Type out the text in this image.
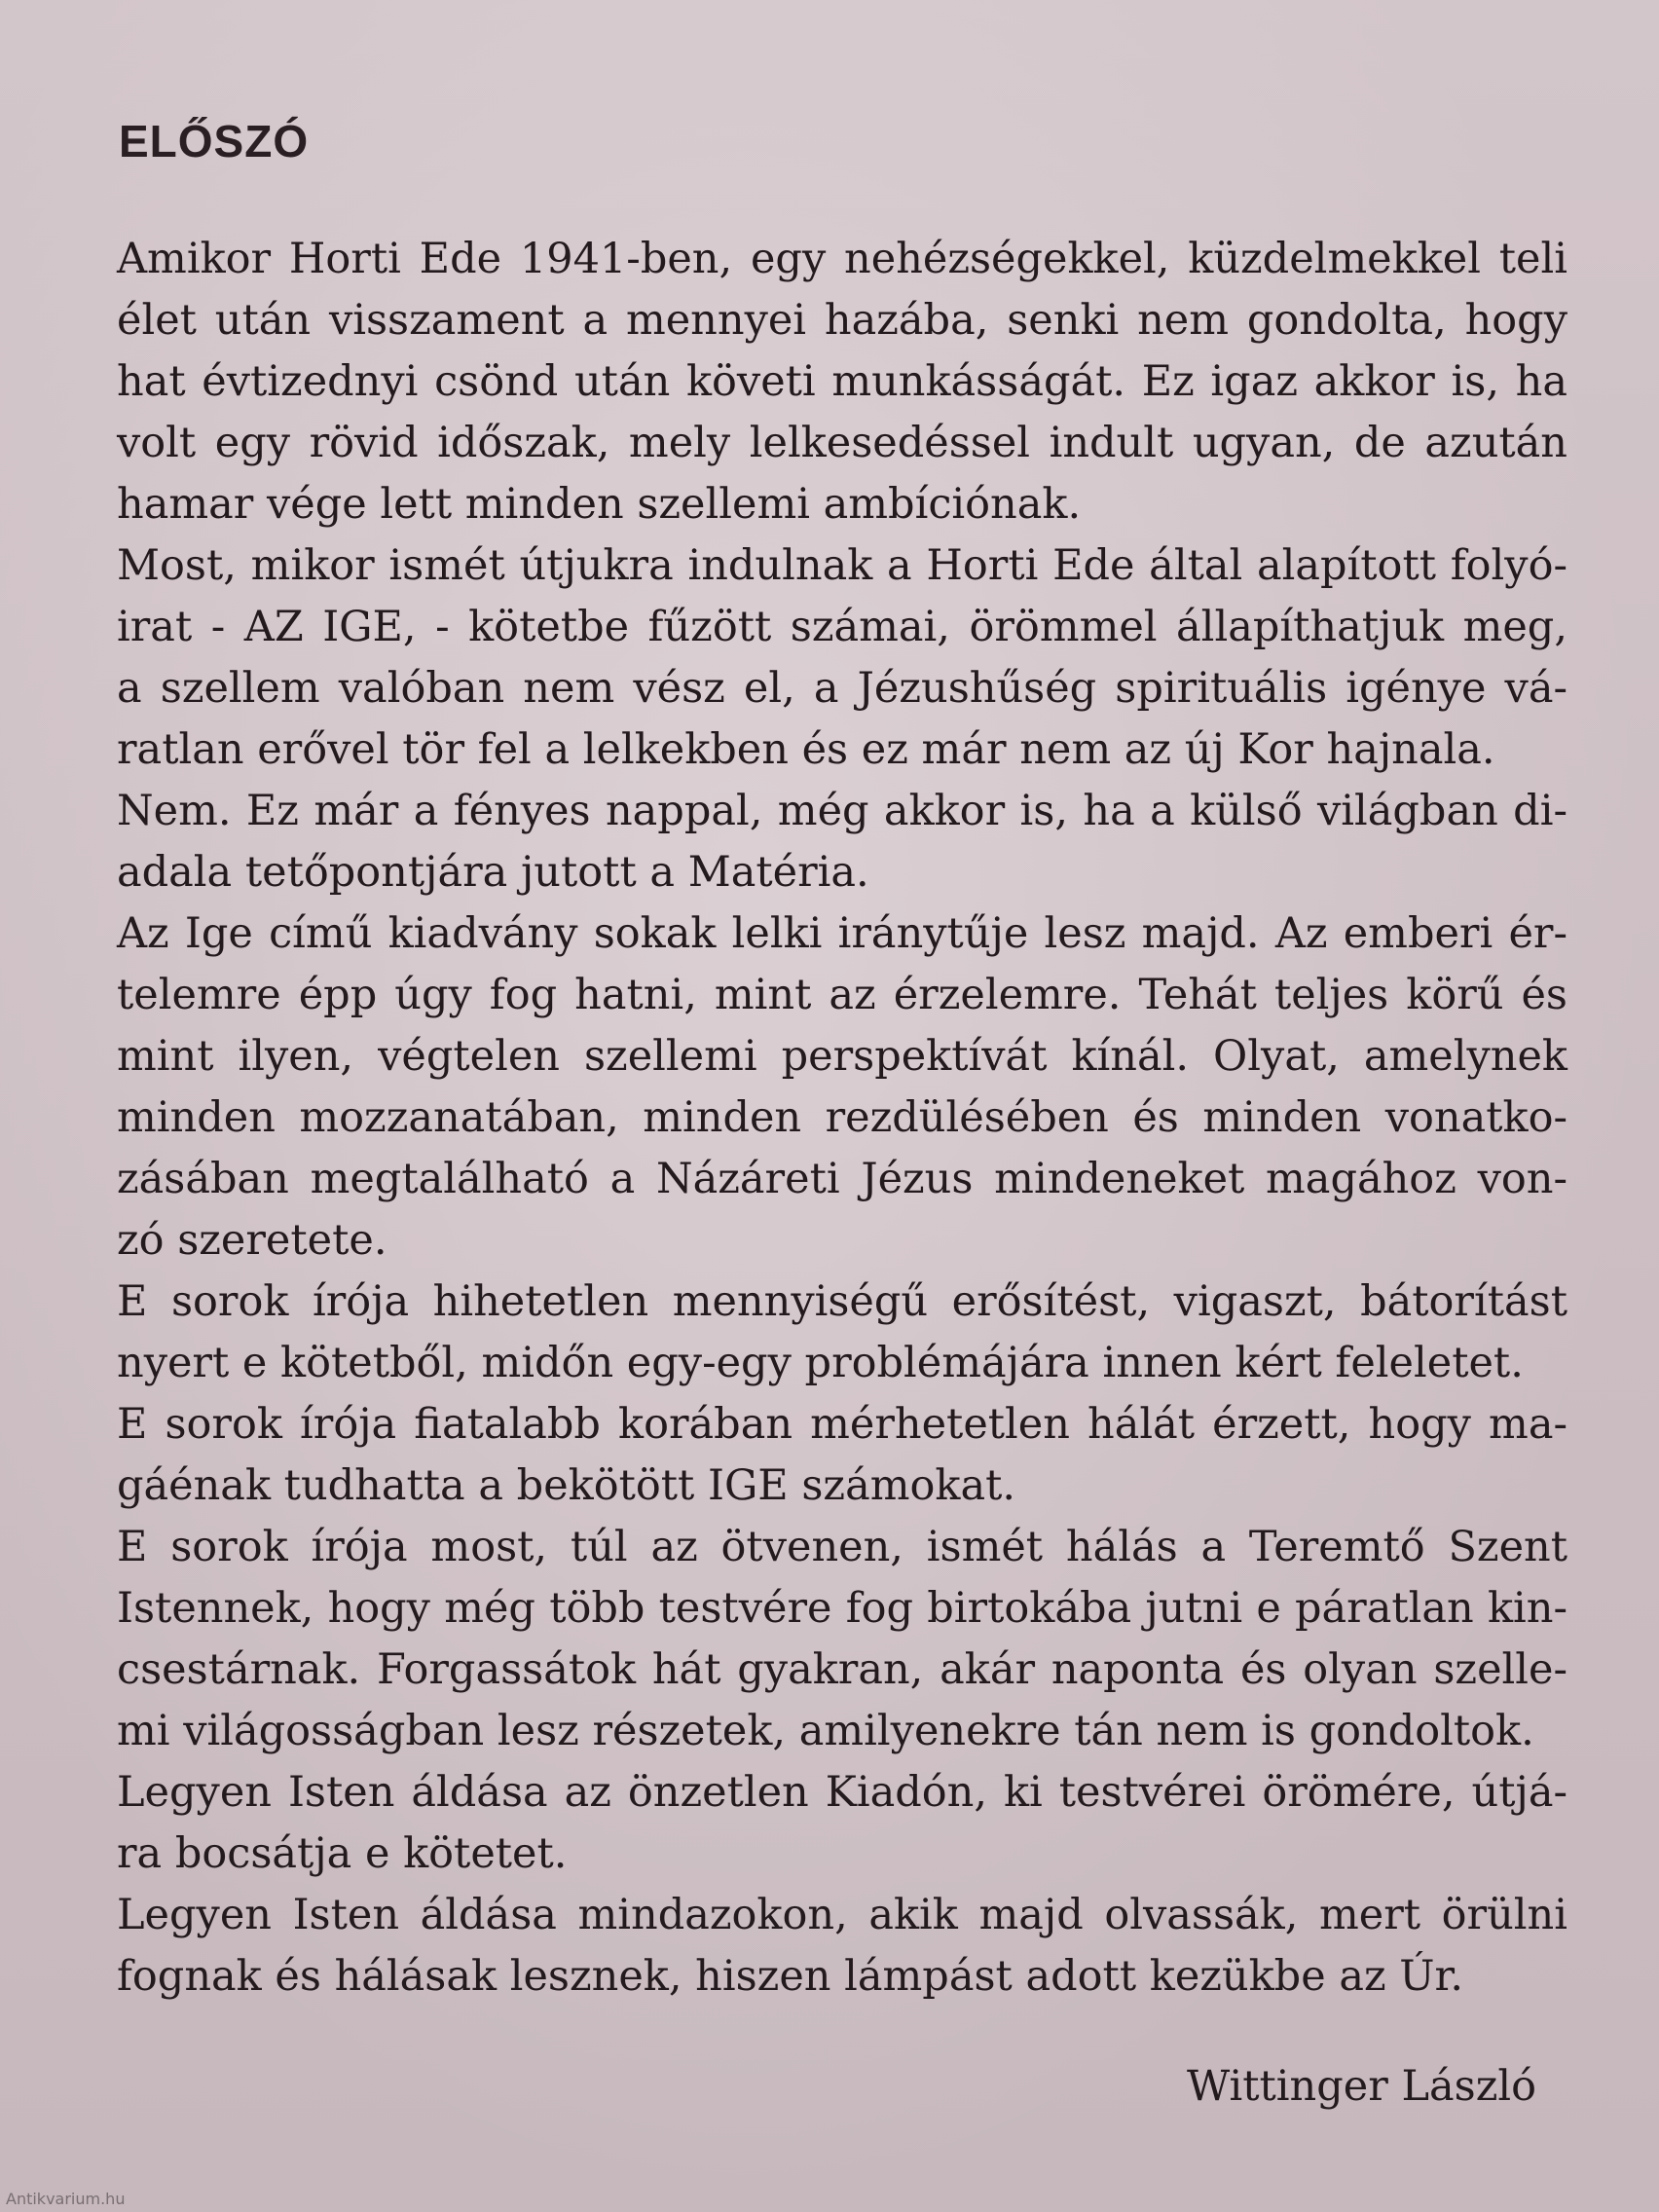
ELŐSZÓ
Amikor Horti Ede 1941-ben, egy nehézségekkel, küzdelmekkel teli
élet után visszament a mennyei hazába, senki nem gondolta, hogy
hat évtizednyi csönd után követi munkásságát. Ez igaz akkor is, ha
volt egy rövid időszak, mely lelkesedéssel indult ugyan, de azután
hamar vége lett minden szellemi ambíciónak.
Most, mikor ismét útjukra indulnak a Horti Ede által alapított folyó-
irat - AZ IGE, - kötetbe fűzött számai, örömmel állapíthatjuk meg,
a szellem valóban nem vész el, a Jézushűség spirituális igénye vá-
ratlan erővel tör fel a lelkekben és ez már nem az új Kor hajnala.
Nem. Ez már a fényes nappal, még akkor is, ha a külső világban di-
adala tetőpontjára jutott a Matéria.
Az Ige című kiadvány sokak lelki iránytűje lesz majd. Az emberi ér-
telemre épp úgy fog hatni, mint az érzelemre. Tehát teljes körű és
mint ilyen, végtelen szellemi perspektívát kínál. Olyat, amelynek
minden mozzanatában, minden rezdülésében és minden vonatko-
zásában megtalálható a Názáreti Jézus mindeneket magához von-
zó szeretete.
E sorok írója hihetetlen mennyiségű erősítést, vigaszt, bátorítást
nyert e kötetből, midőn egy-egy problémájára innen kért feleletet.
E sorok írója fiatalabb korában mérhetetlen hálát érzett, hogy ma-
gáénak tudhatta a bekötött IGE számokat.
E sorok írója most, túl az ötvenen, ismét hálás a Teremtő Szent
Istennek, hogy még több testvére fog birtokába jutni e páratlan kin-
csestárnak. Forgassátok hát gyakran, akár naponta és olyan szelle-
mi világosságban lesz részetek, amilyenekre tán nem is gondoltok.
Legyen Isten áldása az önzetlen Kiadón, ki testvérei örömére, útjá-
ra bocsátja e kötetet.
Legyen Isten áldása mindazokon, akik majd olvassák, mert örülni
fognak és hálásak lesznek, hiszen lámpást adott kezükbe az Úr.

Wittinger László

Antikvarium.hu
